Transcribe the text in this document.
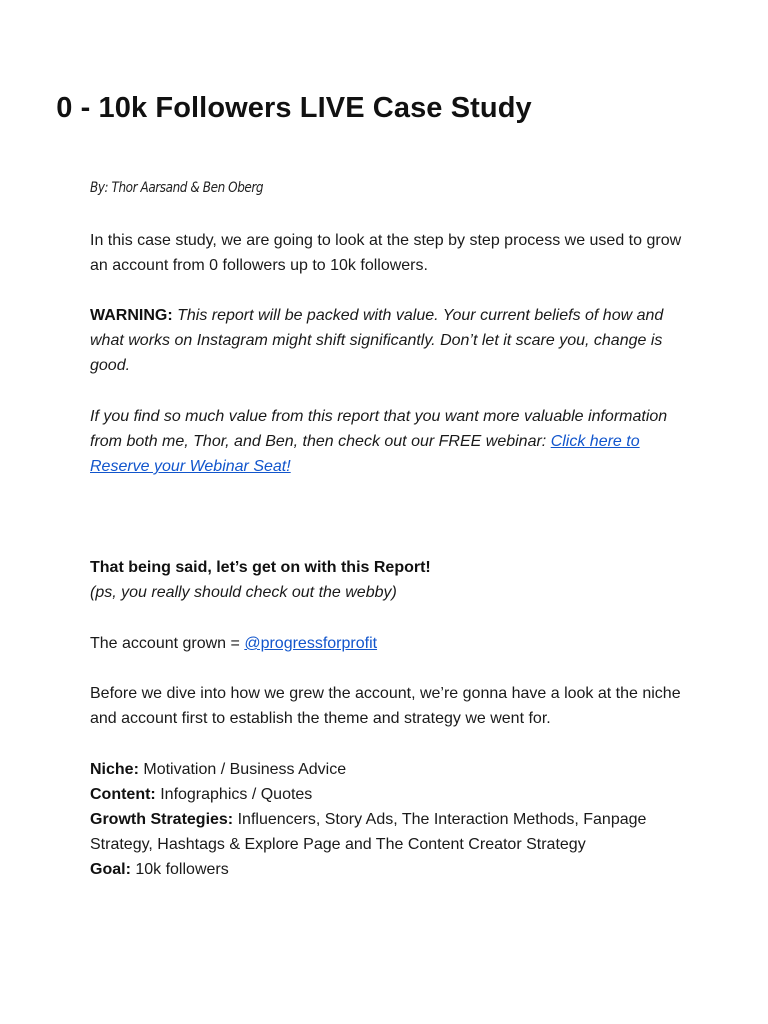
0 - 10k Followers LIVE Case Study
By: Thor Aarsand & Ben Oberg

In this case study, we are going to look at the step by step process we used to grow an account from 0 followers up to 10k followers.

WARNING: This report will be packed with value. Your current beliefs of how and what works on Instagram might shift significantly. Don’t let it scare you, change is good.

If you find so much value from this report that you want more valuable information from both me, Thor, and Ben, then check out our FREE webinar: Click here to Reserve your Webinar Seat!

That being said, let’s get on with this Report!
(ps, you really should check out the webby)

The account grown = @progressforprofit

Before we dive into how we grew the account, we’re gonna have a look at the niche and account first to establish the theme and strategy we went for.

Niche: Motivation / Business Advice
Content: Infographics / Quotes
Growth Strategies: Influencers, Story Ads, The Interaction Methods, Fanpage Strategy, Hashtags & Explore Page and The Content Creator Strategy
Goal: 10k followers
